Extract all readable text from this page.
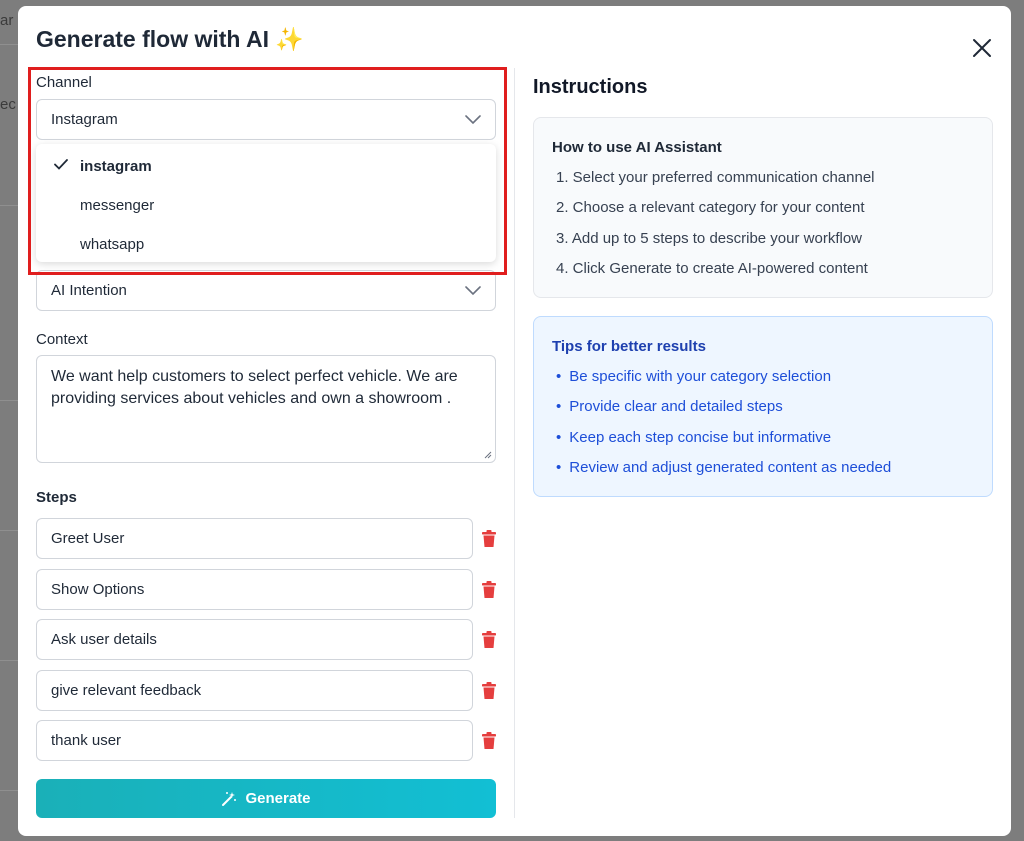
ar
ec
Generate flow with AI ✨
Channel
Instagram
AI Intention
instagram
messenger
whatsapp
Context
We want help customers to select perfect vehicle. We are providing services about vehicles and own a showroom .
Steps
Greet User
Show Options
Ask user details
give relevant feedback
thank user
Generate
Instructions
How to use AI Assistant
1. Select your preferred communication channel
2. Choose a relevant category for your content
3. Add up to 5 steps to describe your workflow
4. Click Generate to create AI-powered content
Tips for better results
• Be specific with your category selection
• Provide clear and detailed steps
• Keep each step concise but informative
• Review and adjust generated content as needed
